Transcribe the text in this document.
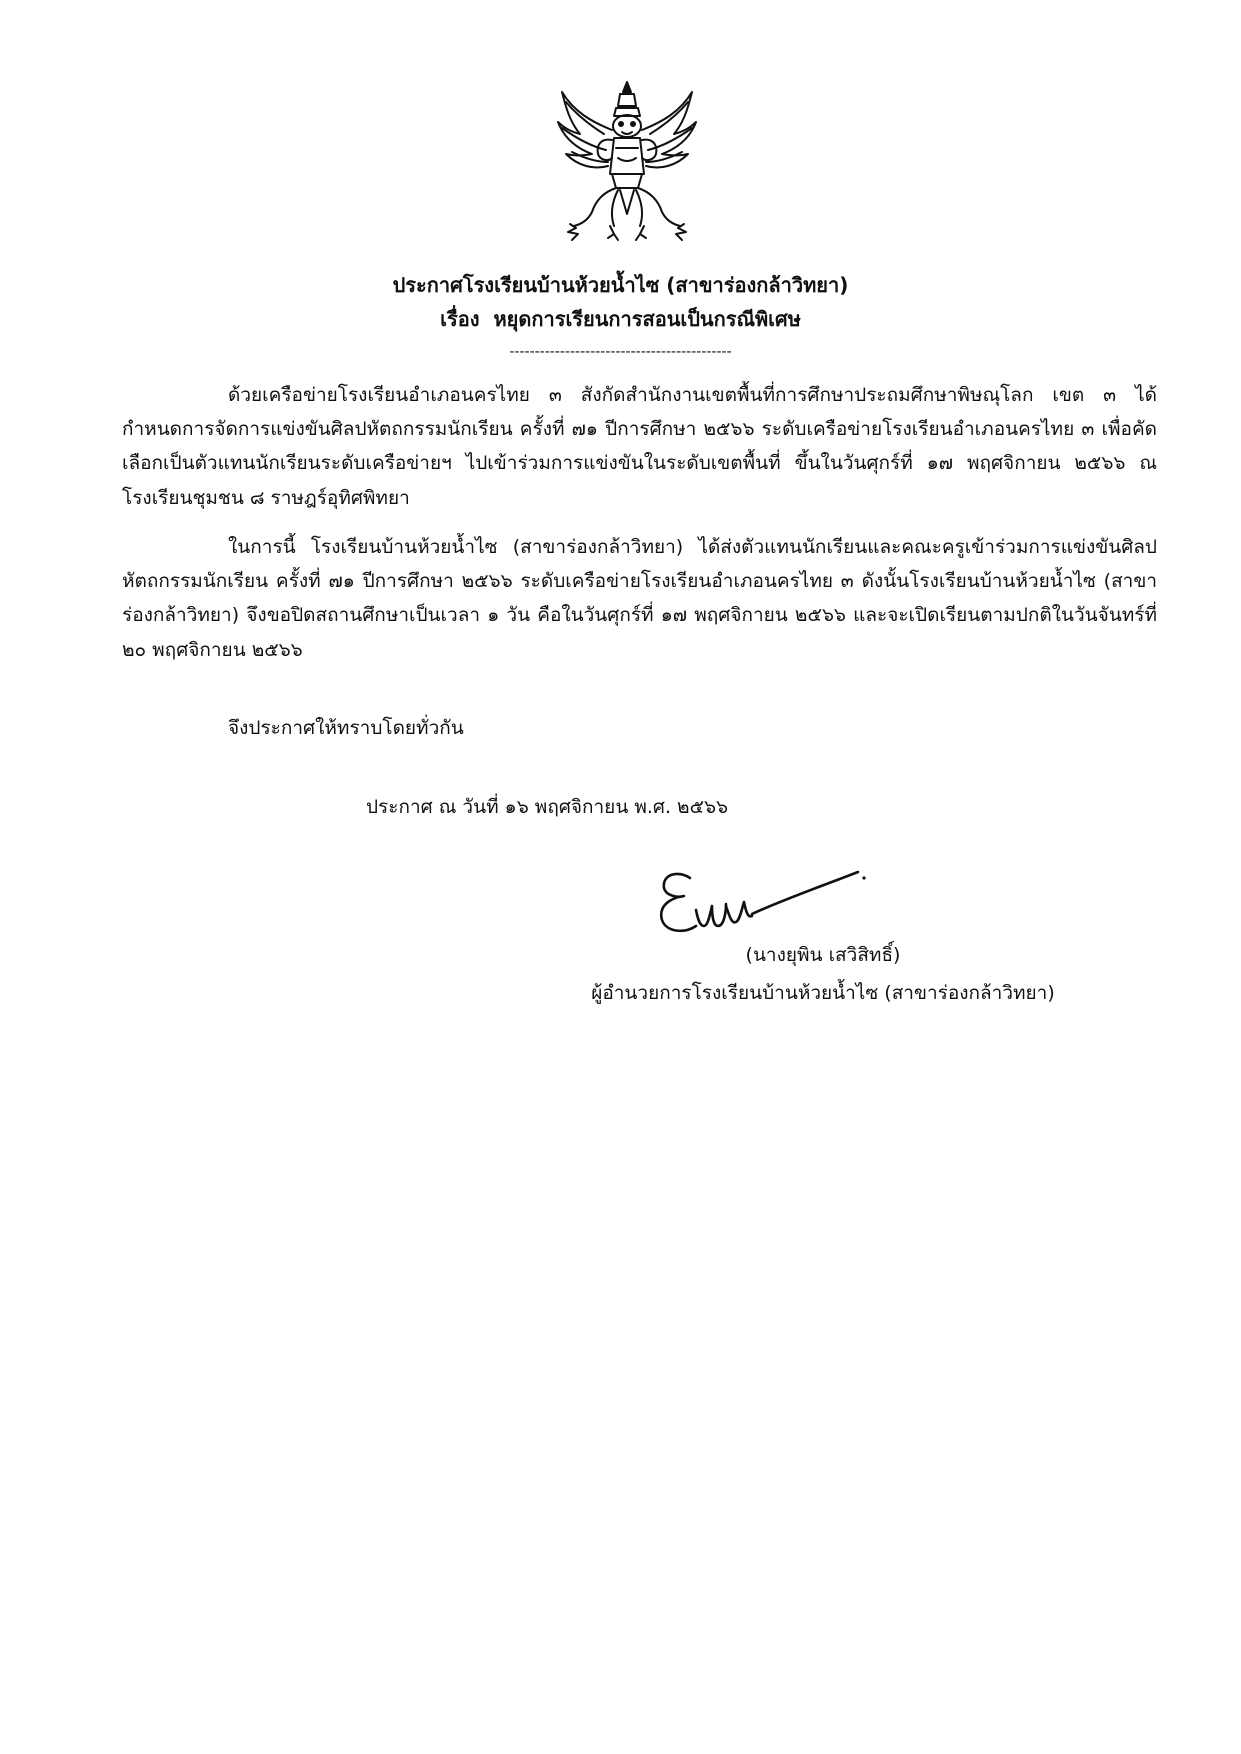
ประกาศโรงเรียนบ้านห้วยน้ำไซ (สาขาร่องกล้าวิทยา)
เรื่อง หยุดการเรียนการสอนเป็นกรณีพิเศษ
--------------------------------------------

ด้วยเครือข่ายโรงเรียนอำเภอนครไทย ๓ สังกัดสำนักงานเขตพื้นที่การศึกษาประถมศึกษาพิษณุโลก เขต ๓ ได้กำหนดการจัดการแข่งขันศิลปหัตถกรรมนักเรียน ครั้งที่ ๗๑ ปีการศึกษา ๒๕๖๖ ระดับเครือข่ายโรงเรียนอำเภอนครไทย ๓ เพื่อคัดเลือกเป็นตัวแทนนักเรียนระดับเครือข่ายฯ ไปเข้าร่วมการแข่งขันในระดับเขตพื้นที่ ขึ้นในวันศุกร์ที่ ๑๗ พฤศจิกายน ๒๕๖๖ ณ โรงเรียนชุมชน ๘ ราษฎร์อุทิศพิทยา

ในการนี้ โรงเรียนบ้านห้วยน้ำไซ (สาขาร่องกล้าวิทยา) ได้ส่งตัวแทนนักเรียนและคณะครูเข้าร่วมการแข่งขันศิลปหัตถกรรมนักเรียน ครั้งที่ ๗๑ ปีการศึกษา ๒๕๖๖ ระดับเครือข่ายโรงเรียนอำเภอนครไทย ๓ ดังนั้นโรงเรียนบ้านห้วยน้ำไซ (สาขาร่องกล้าวิทยา) จึงขอปิดสถานศึกษาเป็นเวลา ๑ วัน คือในวันศุกร์ที่ ๑๗ พฤศจิกายน ๒๕๖๖ และจะเปิดเรียนตามปกติในวันจันทร์ที่ ๒๐ พฤศจิกายน ๒๕๖๖

จึงประกาศให้ทราบโดยทั่วกัน
ประกาศ ณ วันที่ ๑๖ พฤศจิกายน พ.ศ. ๒๕๖๖
(นางยุพิน เสวิสิทธิ์)
ผู้อำนวยการโรงเรียนบ้านห้วยน้ำไซ (สาขาร่องกล้าวิทยา)
